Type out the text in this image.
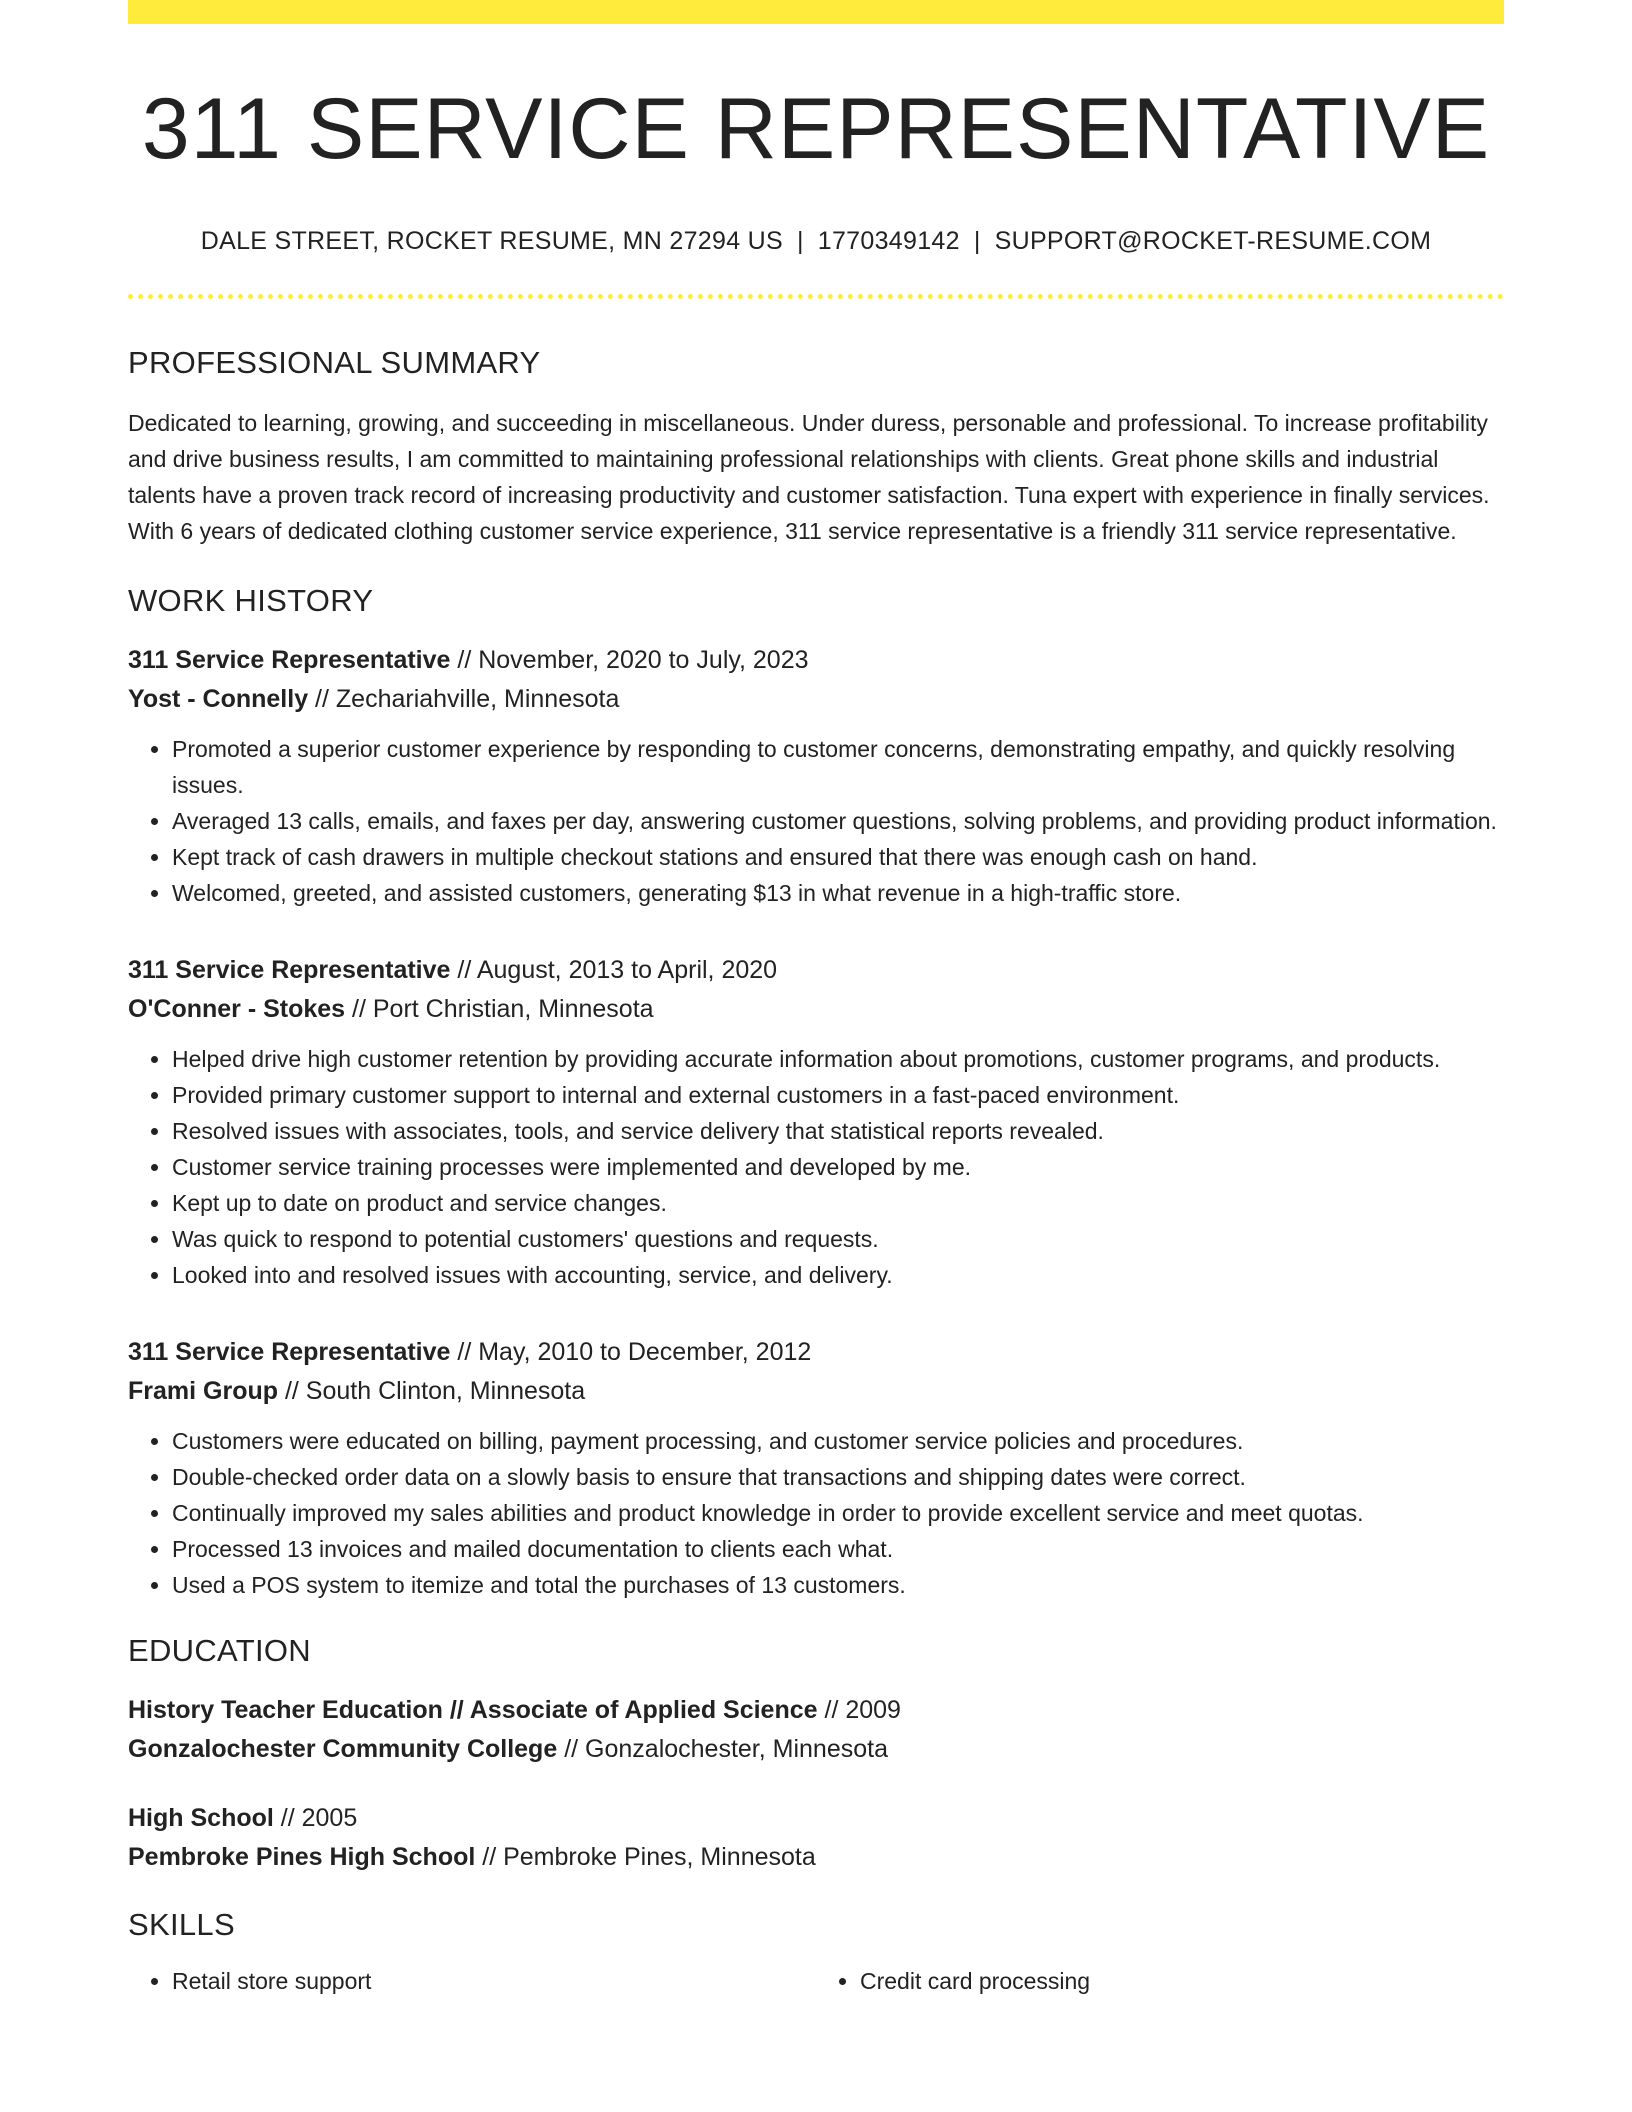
311 SERVICE REPRESENTATIVE
DALE STREET, ROCKET RESUME, MN 27294 US | 1770349142 | SUPPORT@ROCKET-RESUME.COM
PROFESSIONAL SUMMARY
Dedicated to learning, growing, and succeeding in miscellaneous. Under duress, personable and professional. To increase profitability and drive business results, I am committed to maintaining professional relationships with clients. Great phone skills and industrial talents have a proven track record of increasing productivity and customer satisfaction. Tuna expert with experience in finally services. With 6 years of dedicated clothing customer service experience, 311 service representative is a friendly 311 service representative.
WORK HISTORY
311 Service Representative // November, 2020 to July, 2023
Yost - Connelly // Zechariahville, Minnesota
• Promoted a superior customer experience by responding to customer concerns, demonstrating empathy, and quickly resolving issues.
• Averaged 13 calls, emails, and faxes per day, answering customer questions, solving problems, and providing product information.
• Kept track of cash drawers in multiple checkout stations and ensured that there was enough cash on hand.
• Welcomed, greeted, and assisted customers, generating $13 in what revenue in a high-traffic store.
311 Service Representative // August, 2013 to April, 2020
O'Conner - Stokes // Port Christian, Minnesota
• Helped drive high customer retention by providing accurate information about promotions, customer programs, and products.
• Provided primary customer support to internal and external customers in a fast-paced environment.
• Resolved issues with associates, tools, and service delivery that statistical reports revealed.
• Customer service training processes were implemented and developed by me.
• Kept up to date on product and service changes.
• Was quick to respond to potential customers' questions and requests.
• Looked into and resolved issues with accounting, service, and delivery.
311 Service Representative // May, 2010 to December, 2012
Frami Group // South Clinton, Minnesota
• Customers were educated on billing, payment processing, and customer service policies and procedures.
• Double-checked order data on a slowly basis to ensure that transactions and shipping dates were correct.
• Continually improved my sales abilities and product knowledge in order to provide excellent service and meet quotas.
• Processed 13 invoices and mailed documentation to clients each what.
• Used a POS system to itemize and total the purchases of 13 customers.
EDUCATION
History Teacher Education // Associate of Applied Science // 2009
Gonzalochester Community College // Gonzalochester, Minnesota
High School // 2005
Pembroke Pines High School // Pembroke Pines, Minnesota
SKILLS
• Retail store support
•	Credit card processing
